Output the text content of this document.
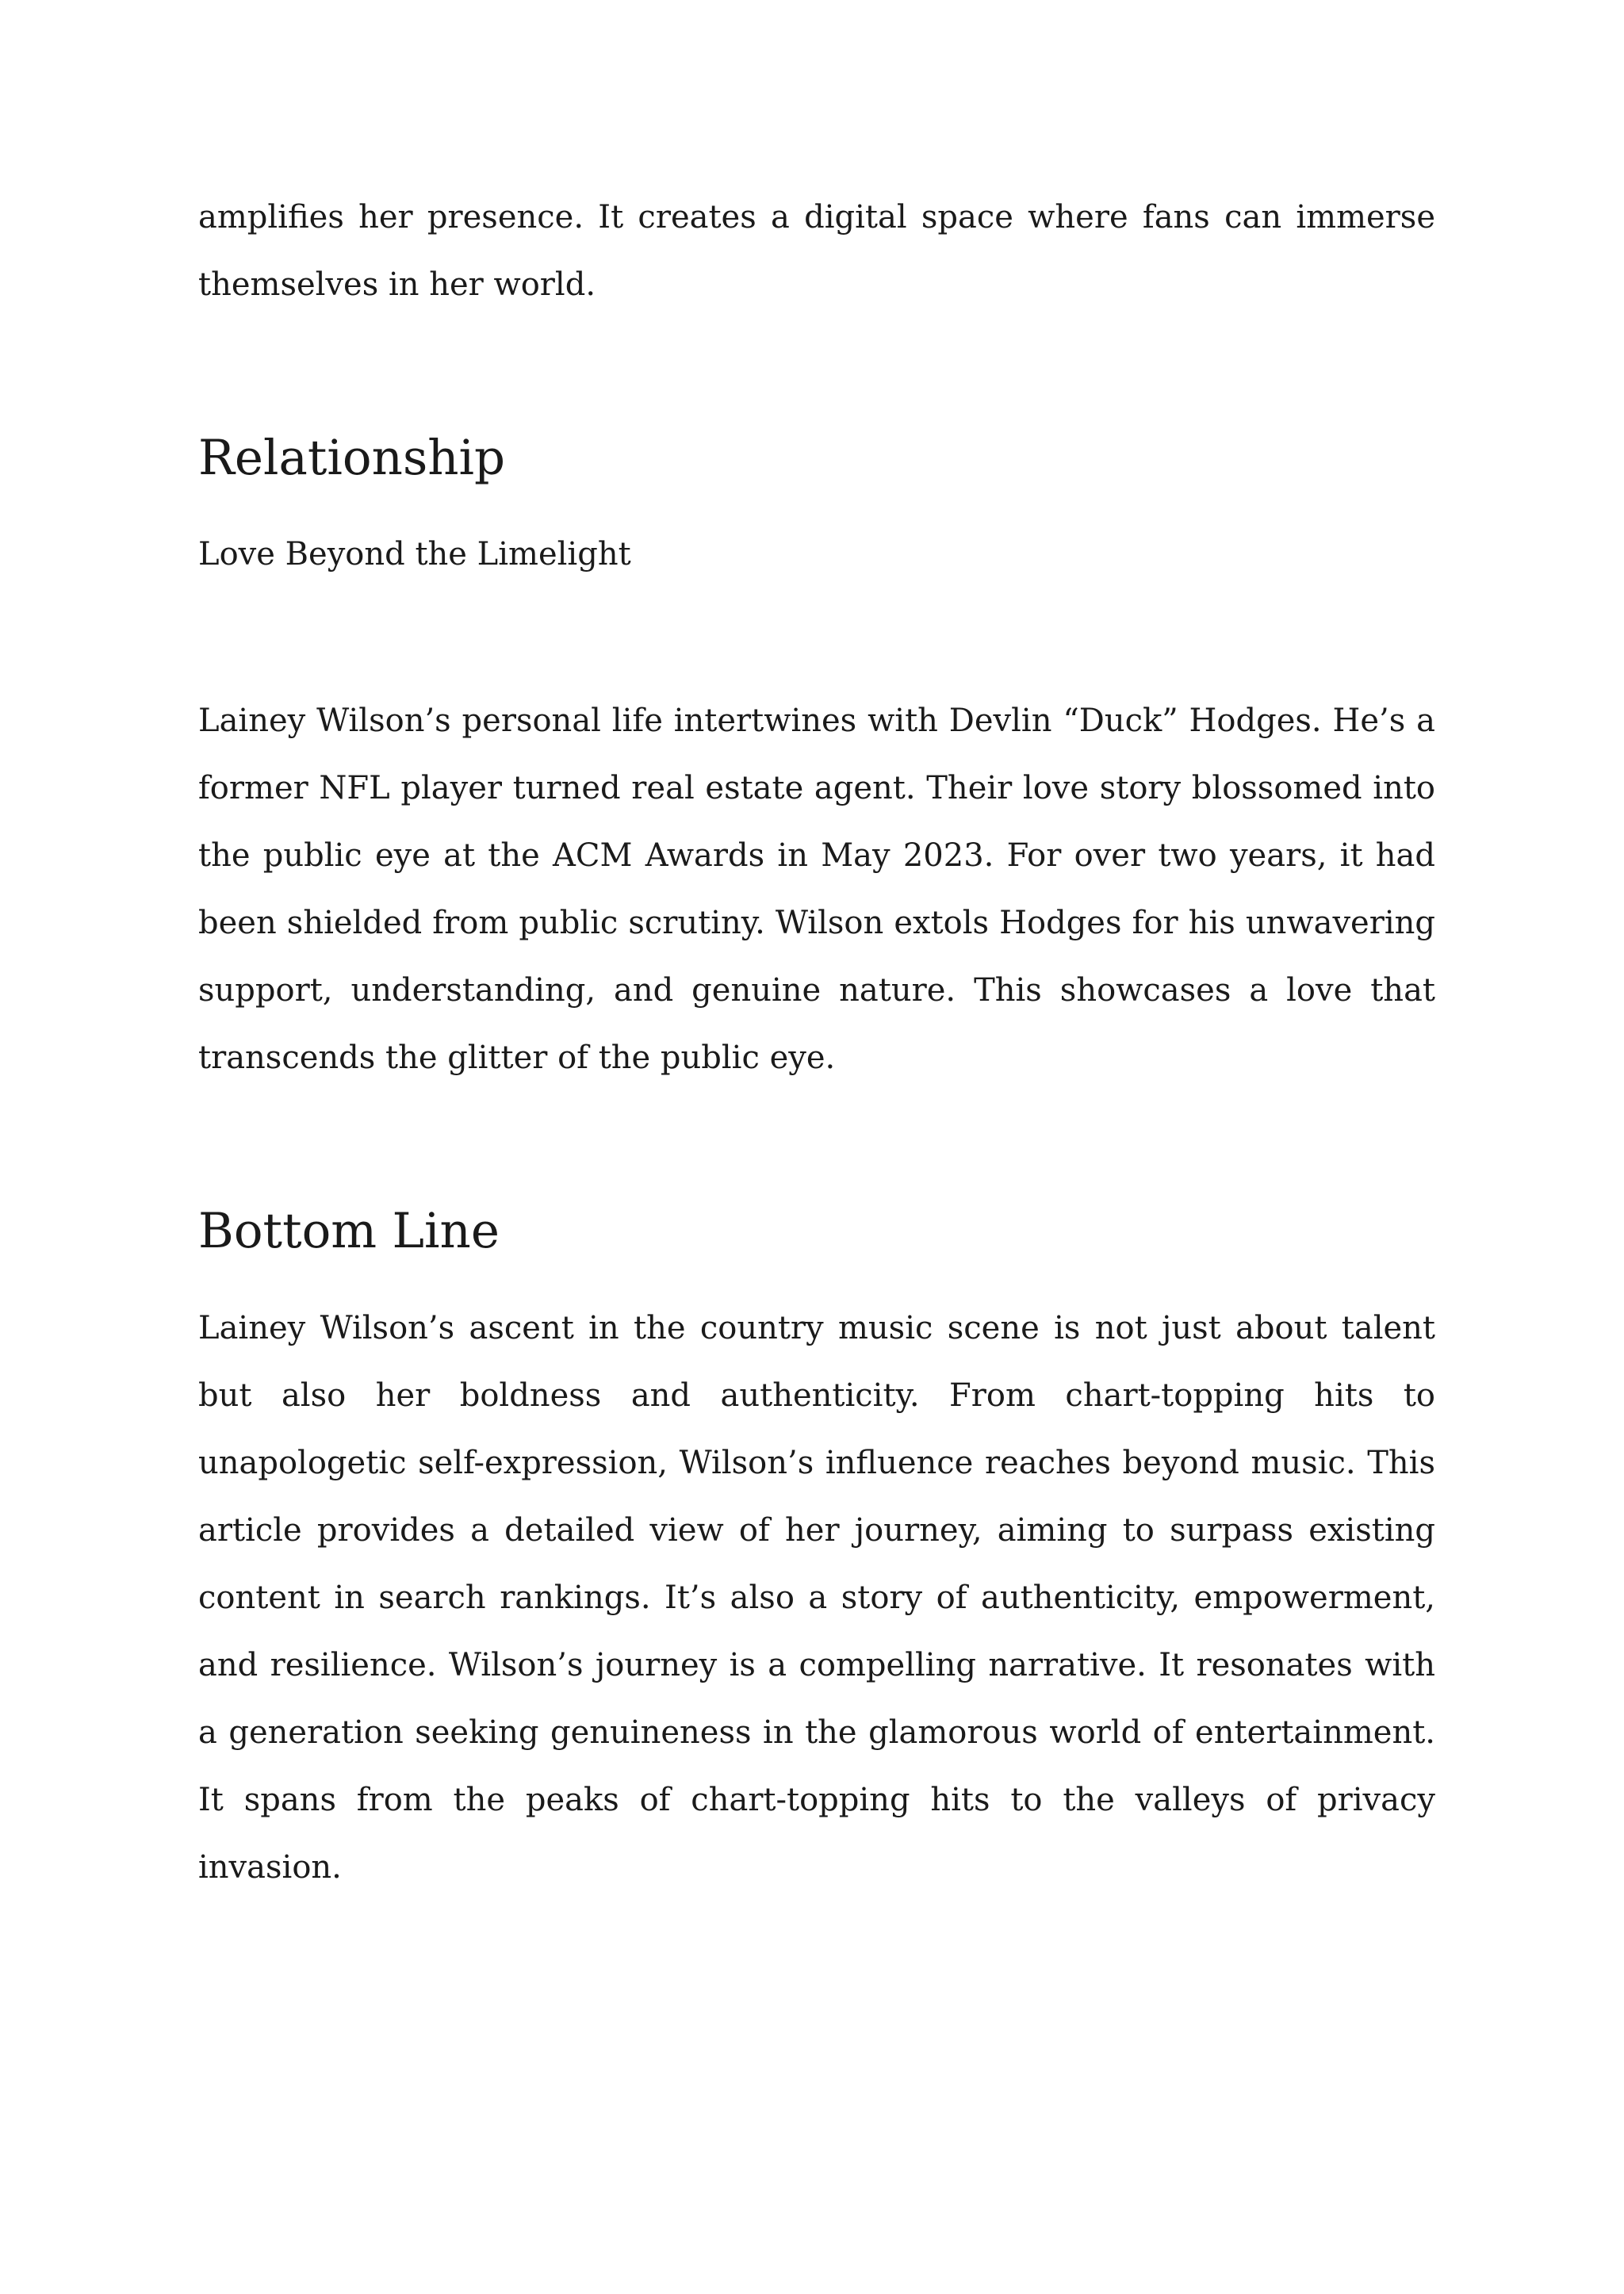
amplifies her presence. It creates a digital space where fans can immerse themselves in her world.

Relationship

Love Beyond the Limelight

Lainey Wilson’s personal life intertwines with Devlin “Duck” Hodges. He’s a former NFL player turned real estate agent. Their love story blossomed into the public eye at the ACM Awards in May 2023. For over two years, it had been shielded from public scrutiny. Wilson extols Hodges for his unwavering support, understanding, and genuine nature. This showcases a love that transcends the glitter of the public eye.

Bottom Line

Lainey Wilson’s ascent in the country music scene is not just about talent but also her boldness and authenticity. From chart-topping hits to unapologetic self-expression, Wilson’s influence reaches beyond music. This article provides a detailed view of her journey, aiming to surpass existing content in search rankings. It’s also a story of authenticity, empowerment, and resilience. Wilson’s journey is a compelling narrative. It resonates with a generation seeking genuineness in the glamorous world of entertainment. It spans from the peaks of chart-topping hits to the valleys of privacy invasion.
